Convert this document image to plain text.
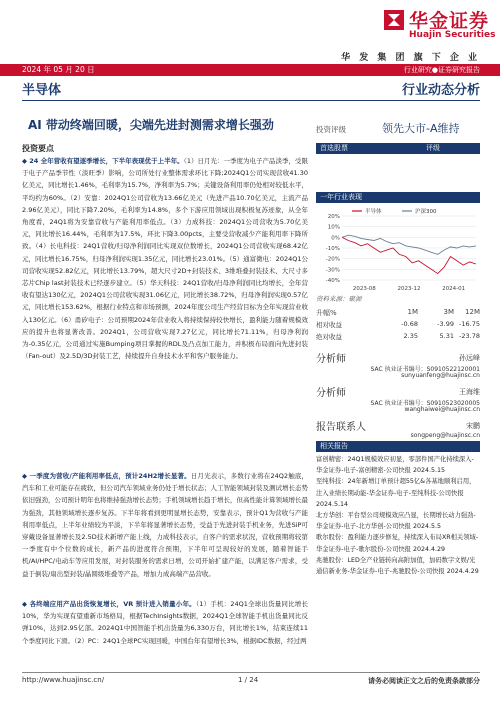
华金证券
Huajin Securities
华 发 集 团 旗 下 企 业
2024 年 05 月 20 日	行业研究●证券研究报告
半导体	行业动态分析
AI 带动终端回暖，尖端先进封测需求增长强劲	投资评级	领先大市-A维持
投资要点

◆ 24 全年营收有望逐季增长，下半年表现优于上半年。（1）日月光：一季度为电子产品淡季，受限于电子产品季节性（淡旺季）影响，公司所处行业整体需求环比下降;2024Q1公司实现营收41.30亿美元，同比增长1.46%，毛利率为15.7%，净利率为5.7%；关键设备利用率仍处相对较低水平，平均约为60%。（2）安靠：2024Q1公司营收为13.66亿美元（先进产品10.70亿美元，主流产品2.96亿美元），同比下降7.20%，毛利率为14.8%，多个下游应用领域出现积极复苏迹象，从全年角度看，24Q1将为安靠营收与产能利用率低点。（3）力成科技：2024Q1公司营收为5.70亿美元，同比增长16.44%，毛利率为17.5%，环比下降3.00pcts，主要受营收减少产能利用率下降所致。（4）长电科技：24Q1营收/归母净利润同比实现双位数增长，2024Q1公司营收实现68.42亿元，同比增长16.75%，归母净利润实现1.35亿元，同比增长23.01%。（5）通富微电：2024Q1公司营收实现52.82亿元，同比增长13.79%，超大尺寸2D+封装技术、3维堆叠封装技术、大尺寸多芯片Chip last封装技术已经逐步建立。（5）华天科技：24Q1营收/归母净利润同比均增长，全年营收有望达130亿元，2024Q1公司营收实现31.06亿元，同比增长38.72%，归母净利润实现0.57亿元，同比增长153.62%，根据行业特点和市场预测，2024年度公司生产经营目标为全年实现营业收入130亿元。（6）甬矽电子：公司预期2024年营业收入将持续保持较快增长，盈利能力随着规模效应的提升也将显著改善。2024Q1，公司营收实现7.27亿元，同比增长71.11%，归母净利润为-0.35亿元，公司通过实施Bumping项目掌握的RDL及凸点加工能力，并积极布局面向先进封装（Fan-out）及2.5D/3D封装工艺，持续提升自身技术水平和客户服务能力。

◆ 一季度为营收/产能利用率低点，预计24H2增长显著。日月光表示，多数行业将在24Q2触底，汽车和工业可能存在疲软，但公司汽车领域业务仍处于增长状态；人工智能领域封装及测试增长态势依旧强劲，公司预计明年也将维持强劲增长态势；手机领域增长趋于增长，但高性能计算领域增长最为强劲，其他领域增长逐步复苏。下半年将看到更明显增长态势，安靠表示，预计Q1为营收与产能利用率低点，上半年业绩较为平淡，下半年将显著增长态势，受益于先进封装手机业务，先进SiP可穿戴设备显著增长及2.5D技术新增产能上线，力成科技表示，自客户的需求状况，营收预期将较第一季度有中个位数的成长，新产品的进度符合预期，下半年可呈现较好的发展，随着智能手机/AI/HPC/电动车等应用发展，对封装服务的需求日增，公司开始扩建产能，以满足客户需求，受益于倒装/扇出型封装/晶圆级堆叠等产品，增加力成高端产品营收。

◆ 各终端应用产品出货恢复增长，VR 预计进入销量小年。（1）手机：24Q1全球出货量同比增长10%，华为实现有望重新市场格局，根据TechInsights数据，2024Q1全球智能手机出货量同比反弹10%，达到2.95亿部。2024Q1中国智能手机出货量为6,330万台，同比增长1%，结束连续11个季度同比下滑。（2）PC：24Q1全球PC实现回暖，中国台年有望增长3%，根据IDC数据，经过两

首选股票	评级
一年行业表现
20%
10%
0%
-10%
-20%
-30%
-40%
2023-08	2023-12	2024-01
半导体	沪深300
资料来源：聚源
升幅%	1M	3M	12M
相对收益	-0.68	-3.99 -16.75
绝对收益	2.35	5.31 -23.78
分析师	孙远峰
SAC 执业证书编号：S0910522120001
sunyuanfeng@huajinsc.cn
分析师	王海维
SAC 执业证书编号：S0910523020005
wanghaiwei@huajinsc.cn
报告联系人	宋鹏
songpeng@huajinsc.cn
相关报告

富创精密：24Q1规模效应初显，零部件国产化持续深入-华金证券-电子-富创精密-公司快报 2024.5.15

至纯科技：24年新增订单预计超55亿&各基地顺利启用，注入业绩长期动能-华金证券-电子-至纯科技-公司快报 2024.5.14

北方华创：平台型公司规模效应凸显，长期增长动力强劲-华金证券-电子-北方华创-公司快报 2024.5.5

歌尔股份：盈利能力逐步修复，持续深入布局XR相关领域-华金证券-电子-歌尔股份-公司快报 2024.4.29

兆驰股份：LED全产业链转向高附加值，加码数字文娱/光通信新业务-华金证券-电子-兆驰股份-公司快报 2024.4.29

http://www.huajinsc.cn/	1 / 24	请务必阅读正文之后的免责条款部分
